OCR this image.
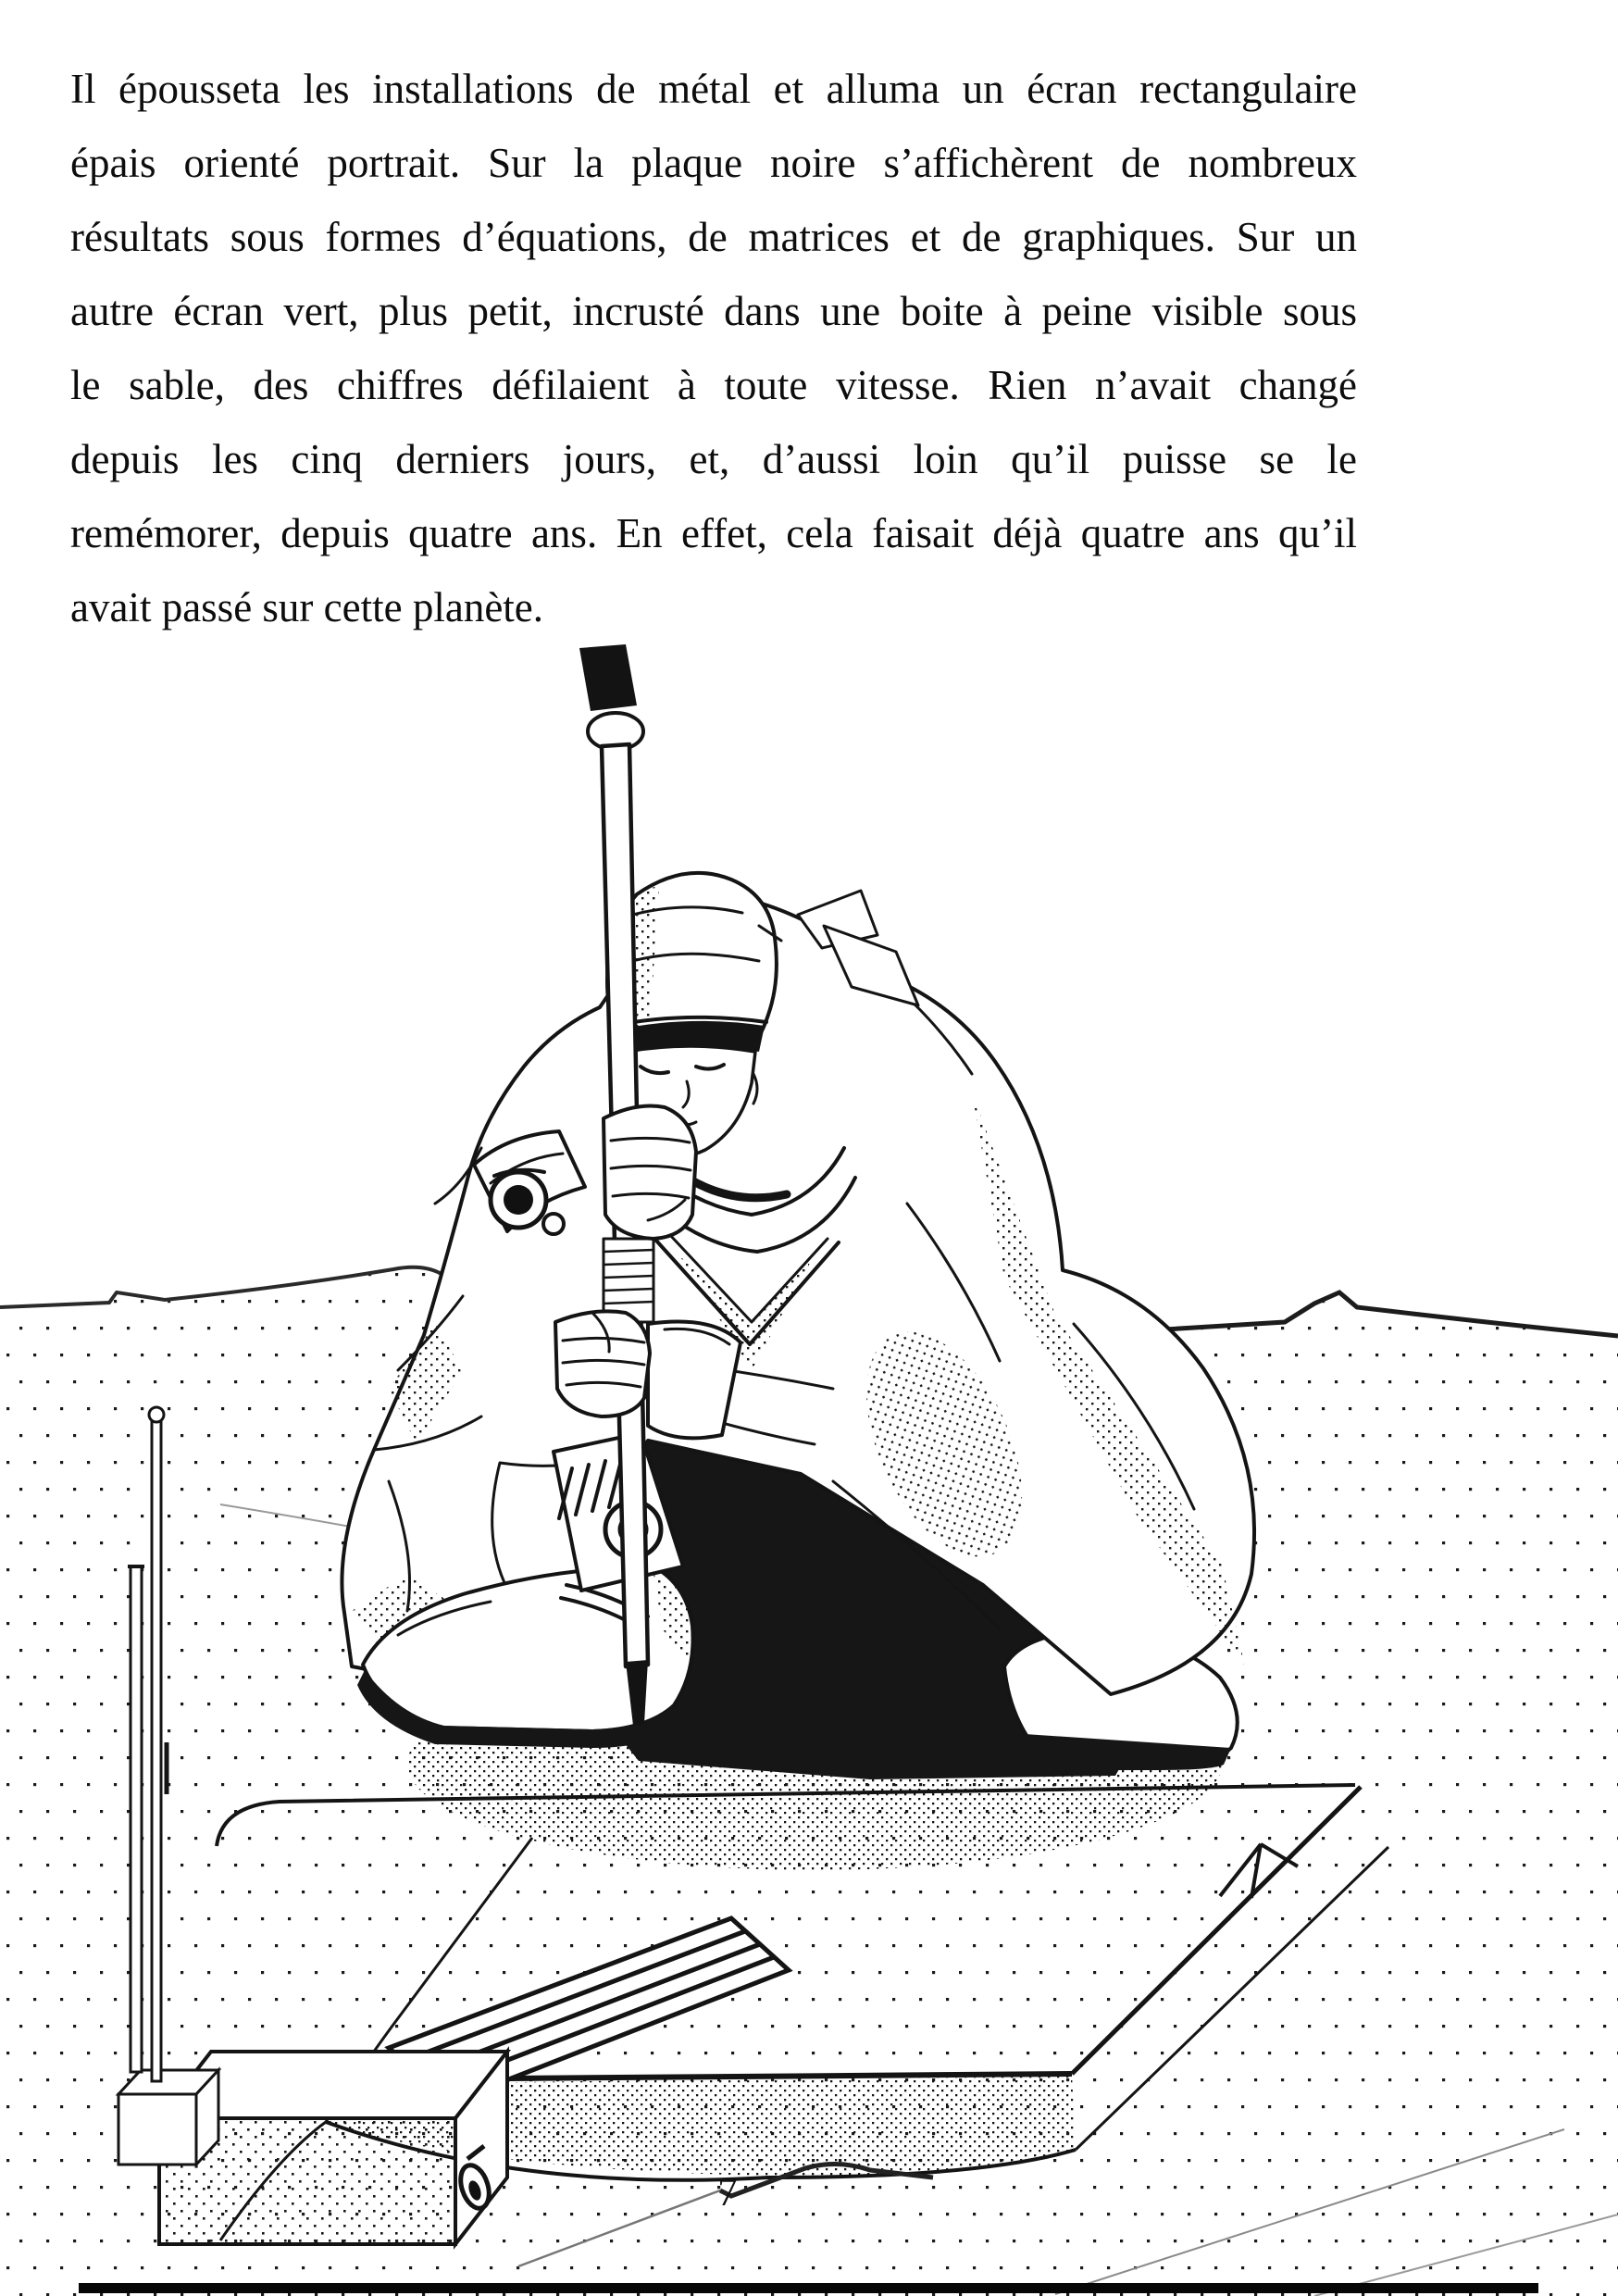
Il épousseta les installations de métal et alluma un écran rectangulaire
épais orienté portrait. Sur la plaque noire s’affichèrent de nombreux
résultats sous formes d’équations, de matrices et de graphiques. Sur un
autre écran vert, plus petit, incrusté dans une boite à peine visible sous
le sable, des chiffres défilaient à toute vitesse. Rien n’avait changé
depuis les cinq derniers jours, et, d’aussi loin qu’il puisse se le
remémorer, depuis quatre ans. En effet, cela faisait déjà quatre ans qu’il
avait passé sur cette planète.
7
